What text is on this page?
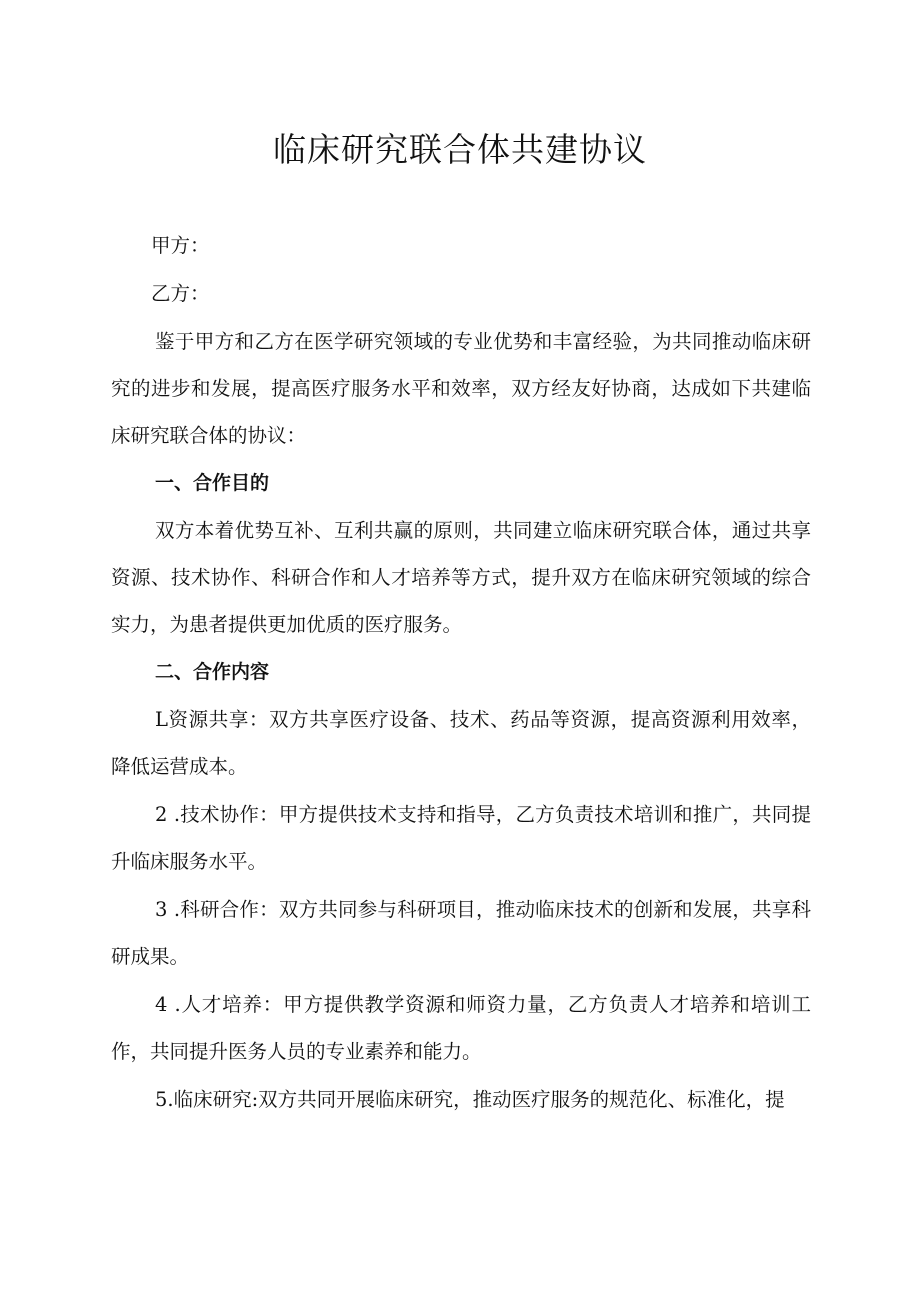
临床研究联合体共建协议

甲方：

乙方：

鉴于甲方和乙方在医学研究领域的专业优势和丰富经验，为共同推动临床研究的进步和发展，提高医疗服务水平和效率，双方经友好协商，达成如下共建临床研究联合体的协议：

一、合作目的

双方本着优势互补、互利共赢的原则，共同建立临床研究联合体，通过共享资源、技术协作、科研合作和人才培养等方式，提升双方在临床研究领域的综合实力，为患者提供更加优质的医疗服务。

二、合作内容

L资源共享：双方共享医疗设备、技术、药品等资源，提高资源利用效率，降低运营成本。

2 .技术协作：甲方提供技术支持和指导，乙方负责技术培训和推广，共同提升临床服务水平。

3 .科研合作：双方共同参与科研项目，推动临床技术的创新和发展，共享科研成果。

4 .人才培养：甲方提供教学资源和师资力量，乙方负责人才培养和培训工作，共同提升医务人员的专业素养和能力。

5.临床研究:双方共同开展临床研究，推动医疗服务的规范化、标准化，提
